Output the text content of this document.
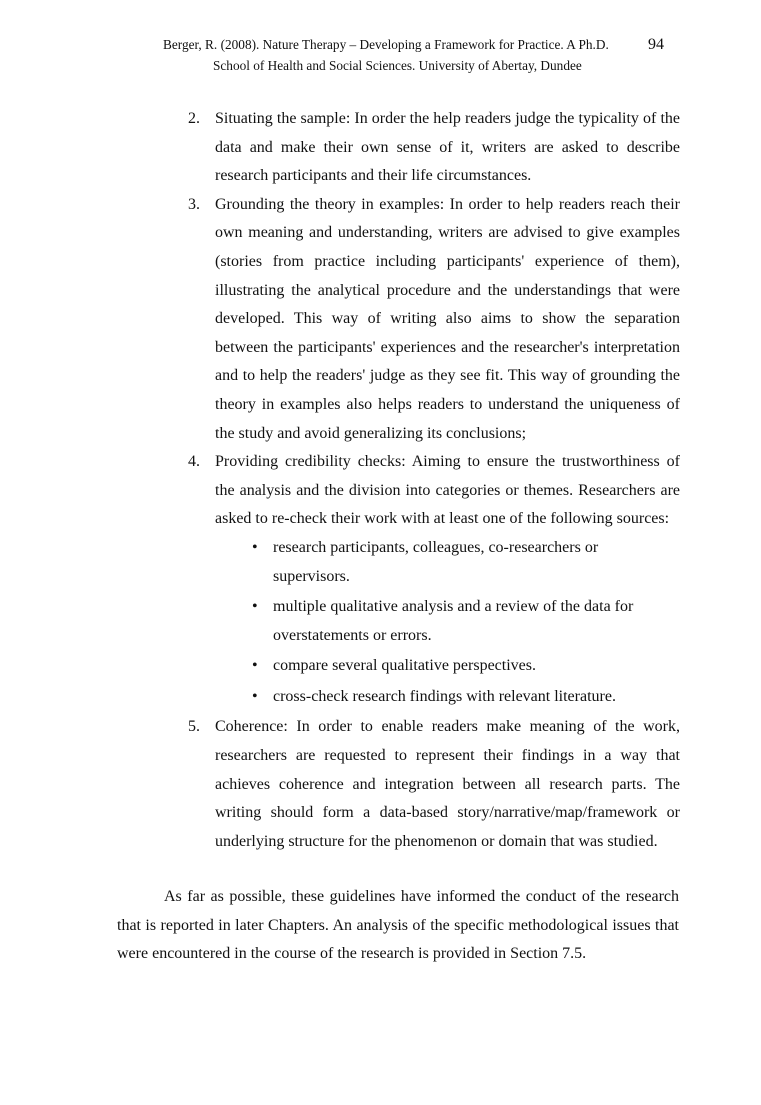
Berger, R. (2008). Nature Therapy – Developing a Framework for Practice. A Ph.D.
School of Health and Social Sciences. University of Abertay, Dundee
94
2. Situating the sample: In order the help readers judge the typicality of the data and make their own sense of it, writers are asked to describe research participants and their life circumstances.
3. Grounding the theory in examples: In order to help readers reach their own meaning and understanding, writers are advised to give examples (stories from practice including participants' experience of them), illustrating the analytical procedure and the understandings that were developed. This way of writing also aims to show the separation between the participants' experiences and the researcher's interpretation and to help the readers' judge as they see fit. This way of grounding the theory in examples also helps readers to understand the uniqueness of the study and avoid generalizing its conclusions;
4. Providing credibility checks: Aiming to ensure the trustworthiness of the analysis and the division into categories or themes. Researchers are asked to re-check their work with at least one of the following sources:
• research participants, colleagues, co-researchers or supervisors.
• multiple qualitative analysis and a review of the data for overstatements or errors.
• compare several qualitative perspectives.
• cross-check research findings with relevant literature.
5. Coherence: In order to enable readers make meaning of the work, researchers are requested to represent their findings in a way that achieves coherence and integration between all research parts. The writing should form a data-based story/narrative/map/framework or underlying structure for the phenomenon or domain that was studied.

As far as possible, these guidelines have informed the conduct of the research that is reported in later Chapters. An analysis of the specific methodological issues that were encountered in the course of the research is provided in Section 7.5.
